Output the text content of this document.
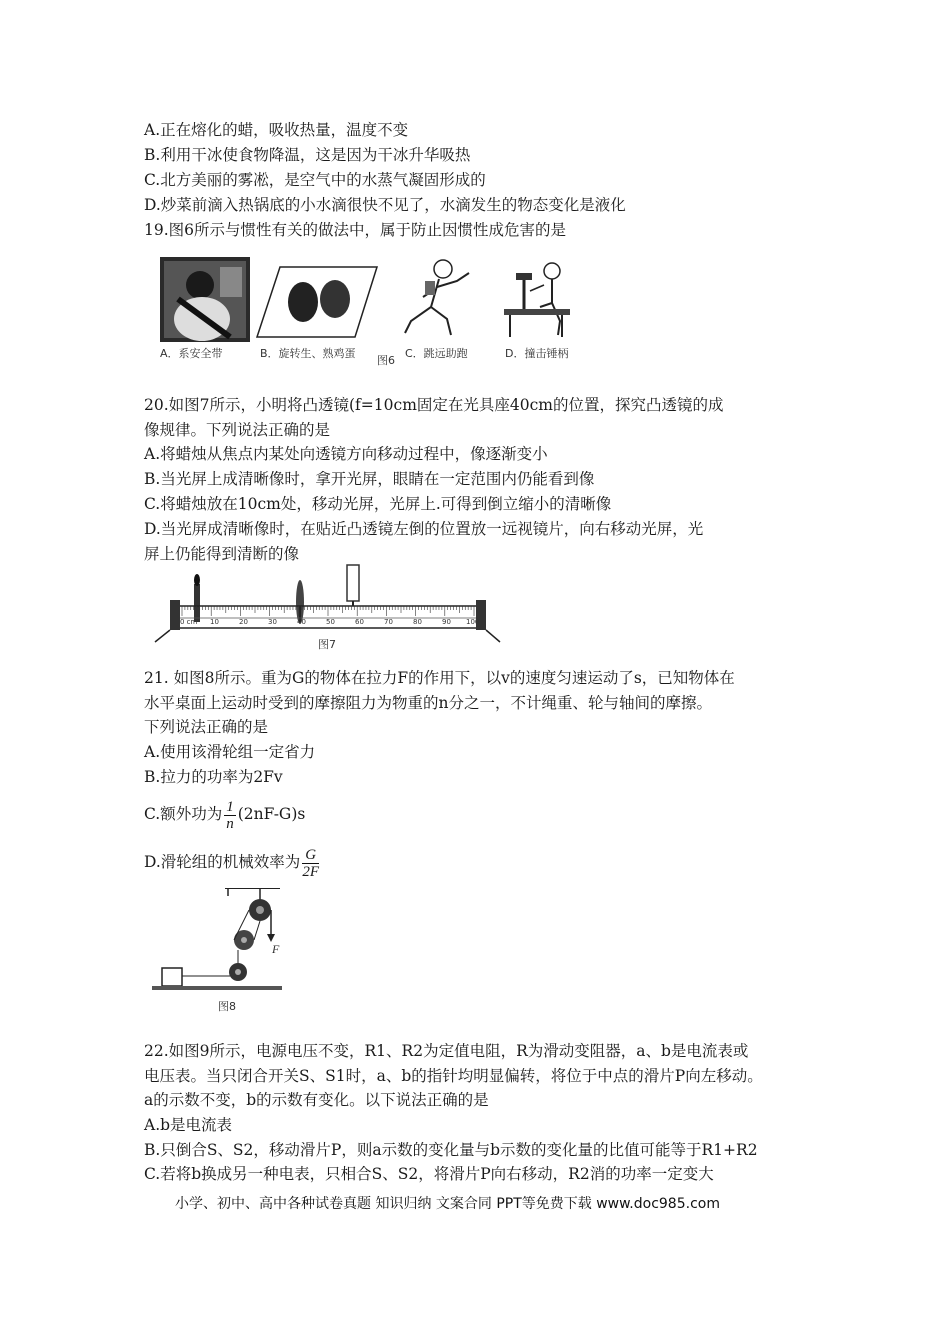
A.正在熔化的蜡，吸收热量，温度不变
B.利用干冰使食物降温，这是因为干冰升华吸热
C.北方美丽的雾凇，是空气中的水蒸气凝固形成的
D.炒菜前滴入热锅底的小水滴很快不见了，水滴发生的物态变化是液化
19.图6所示与惯性有关的做法中，属于防止因惯性成危害的是
A．系安全带	B．旋转生、熟鸡蛋
图6
C．跳远助跑	D．撞击锤柄
20.如图7所示，小明将凸透镜(f=10cm固定在光具座40cm的位置，探究凸透镜的成
像规律。下列说法正确的是
A.将蜡烛从焦点内某处向透镜方向移动过程中，像逐渐变小
B.当光屏上成清晰像时，拿开光屏，眼睛在一定范围内仍能看到像
C.将蜡烛放在10cm处，移动光屏，光屏上.可得到倒立缩小的清晰像
D.当光屏成清晰像时，在贴近凸透镜左倒的位置放一远视镜片，向右移动光屏，光
屏上仍能得到清断的像
0 cm 10	20	30	40	50	60	70	80	90 100
图7
21. 如图8所示。重为G的物体在拉力F的作用下，以v的速度匀速运动了s，已知物体在
水平桌面上运动时受到的摩擦阻力为物重的n分之一，不计绳重、轮与轴间的摩擦。
下列说法正确的是
A.使用该滑轮组一定省力
B.拉力的功率为2Fv
C.额外功为 $\frac{1}{n} (2nF-G)s$
D.滑轮组的机械效率为 $\frac{G}{2F}$
F
图8
22.如图9所示，电源电压不变，R1、R2为定值电阻，R为滑动变阻器，a、b是电流表或
电压表。当只闭合开关S、S1时，a、b的指针均明显偏转，将位于中点的滑片P向左移动。
a的示数不变，b的示数有变化。以下说法正确的是
A.b是电流表
B.只倒合S、S2，移动滑片P，则a示数的变化量与b示数的变化量的比值可能等于R1+R2
C.若将b换成另一种电表，只相合S、S2，将滑片P向右移动，R2消的功率一定变大
小学、初中、高中各种试卷真题 知识归纳 文案合同 PPT等免费下载 www.doc985.com
